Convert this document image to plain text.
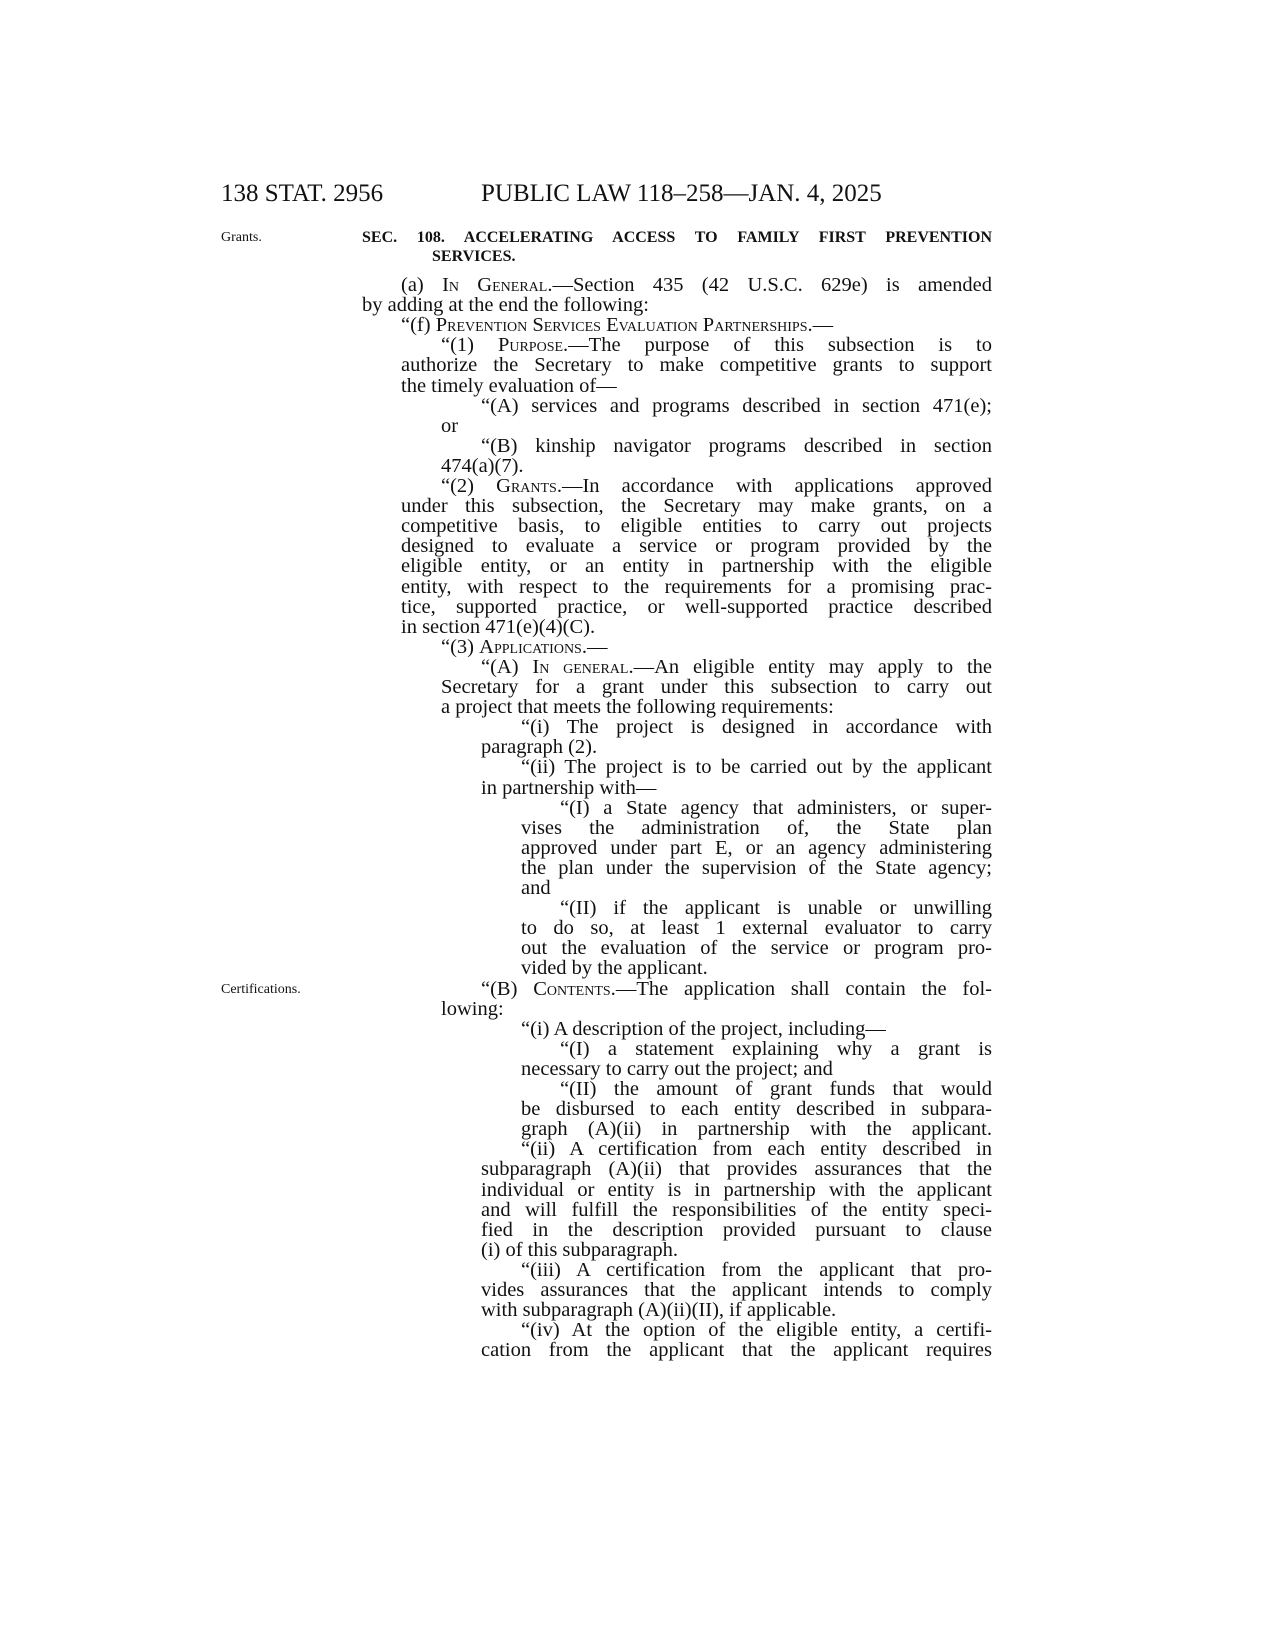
138 STAT. 2956	PUBLIC LAW 118–258—JAN. 4, 2025
Grants.
Certifications.
SEC. 108. ACCELERATING ACCESS TO FAMILY FIRST PREVENTION
SERVICES.
(a) In General.—Section 435 (42 U.S.C. 629e) is amended
by adding at the end the following:
“(f) Prevention Services Evaluation Partnerships.—
“(1) Purpose.—The purpose of this subsection is to
authorize the Secretary to make competitive grants to support
the timely evaluation of—
“(A) services and programs described in section 471(e);
or
“(B) kinship navigator programs described in section
474(a)(7).
“(2) Grants.—In accordance with applications approved
under this subsection, the Secretary may make grants, on a
competitive basis, to eligible entities to carry out projects
designed to evaluate a service or program provided by the
eligible entity, or an entity in partnership with the eligible
entity, with respect to the requirements for a promising prac-
tice, supported practice, or well-supported practice described
in section 471(e)(4)(C).
“(3) Applications.—
“(A) In general.—An eligible entity may apply to the
Secretary for a grant under this subsection to carry out
a project that meets the following requirements:
“(i) The project is designed in accordance with
paragraph (2).
“(ii) The project is to be carried out by the applicant
in partnership with—
“(I) a State agency that administers, or super-
vises the administration of, the State plan
approved under part E, or an agency administering
the plan under the supervision of the State agency;
and
“(II) if the applicant is unable or unwilling
to do so, at least 1 external evaluator to carry
out the evaluation of the service or program pro-
vided by the applicant.
“(B) Contents.—The application shall contain the fol-
lowing:
“(i) A description of the project, including—
“(I) a statement explaining why a grant is
necessary to carry out the project; and
“(II) the amount of grant funds that would
be disbursed to each entity described in subpara-
graph (A)(ii) in partnership with the applicant.
“(ii) A certification from each entity described in
subparagraph (A)(ii) that provides assurances that the
individual or entity is in partnership with the applicant
and will fulfill the responsibilities of the entity speci-
fied in the description provided pursuant to clause
(i) of this subparagraph.
“(iii) A certification from the applicant that pro-
vides assurances that the applicant intends to comply
with subparagraph (A)(ii)(II), if applicable.
“(iv) At the option of the eligible entity, a certifi-
cation from the applicant that the applicant requires
